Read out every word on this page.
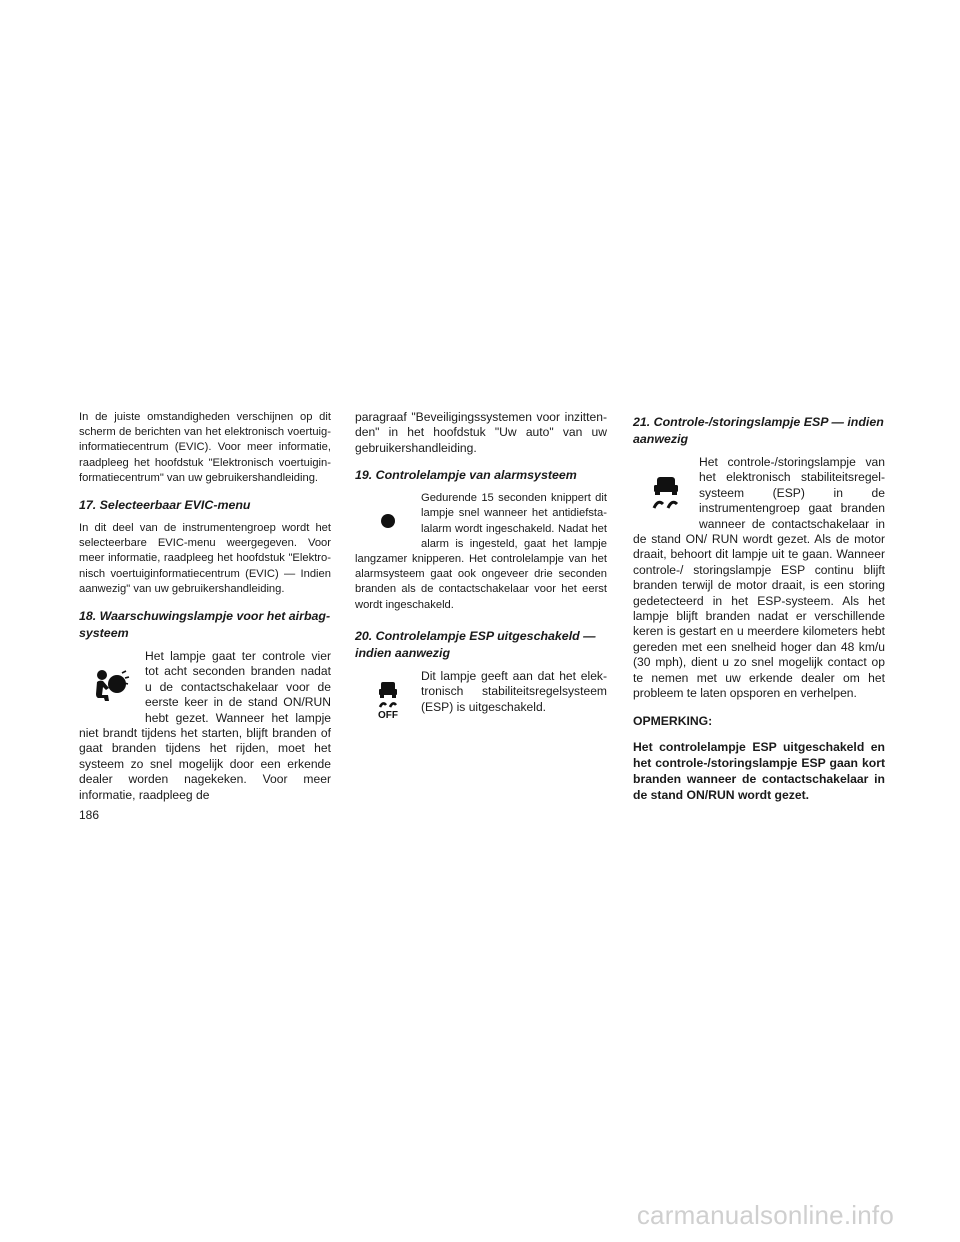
In de juiste omstandigheden verschijnen op dit scherm de berichten van het elektronisch voertuiginformatiecentrum (EVIC). Voor meer informatie, raadpleeg het hoofdstuk "Elektronisch voertuiginformatiecentrum" van uw gebruikershandleiding.

17. Selecteerbaar EVIC-menu

In dit deel van de instrumentengroep wordt het selecteerbare EVIC-menu weergegeven. Voor meer informatie, raadpleeg het hoofdstuk "Elektronisch voertuiginformatiecentrum (EVIC) — Indien aanwezig" van uw gebruikershandleiding.

18. Waarschuwingslampje voor het airbagsysteem

Het lampje gaat ter controle vier tot acht seconden branden nadat u de contactschakelaar voor de eerste keer in de stand ON/RUN hebt gezet. Wanneer het lampje niet brandt tijdens het starten, blijft branden of gaat branden tijdens het rijden, moet het systeem zo snel mogelijk door een erkende dealer worden nagekeken. Voor meer informatie, raadpleeg de

paragraaf "Beveiligingssystemen voor inzittenden" in het hoofdstuk "Uw auto" van uw gebruikershandleiding.

19. Controlelampje van alarmsysteem

Gedurende 15 seconden knippert dit lampje snel wanneer het antidiefstalalarm wordt ingeschakeld. Nadat het alarm is ingesteld, gaat het lampje langzamer knipperen. Het controlelampje van het alarmsysteem gaat ook ongeveer drie seconden branden als de contactschakelaar voor het eerst wordt ingeschakeld.

20. Controlelampje ESP uitgeschakeld — indien aanwezig
OFF

Dit lampje geeft aan dat het elektronisch stabiliteitsregelsysteem (ESP) is uitgeschakeld.

21. Controle-/storingslampje ESP — indien aanwezig

Het controle-/storingslampje van het elektronisch stabiliteitsregelsysteem (ESP) in de instrumentengroep gaat branden wanneer de contactschakelaar in de stand ON/ RUN wordt gezet. Als de motor draait, behoort dit lampje uit te gaan. Wanneer controle-/ storingslampje ESP continu blijft branden terwijl de motor draait, is een storing gedetecteerd in het ESP-systeem. Als het lampje blijft branden nadat er verschillende keren is gestart en u meerdere kilometers hebt gereden met een snelheid hoger dan 48 km/u (30 mph), dient u zo snel mogelijk contact op te nemen met uw erkende dealer om het probleem te laten opsporen en verhelpen.

OPMERKING:

Het controlelampje ESP uitgeschakeld en het controle-/storingslampje ESP gaan kort branden wanneer de contactschakelaar in de stand ON/RUN wordt gezet.

186
carmanualsonline.info
